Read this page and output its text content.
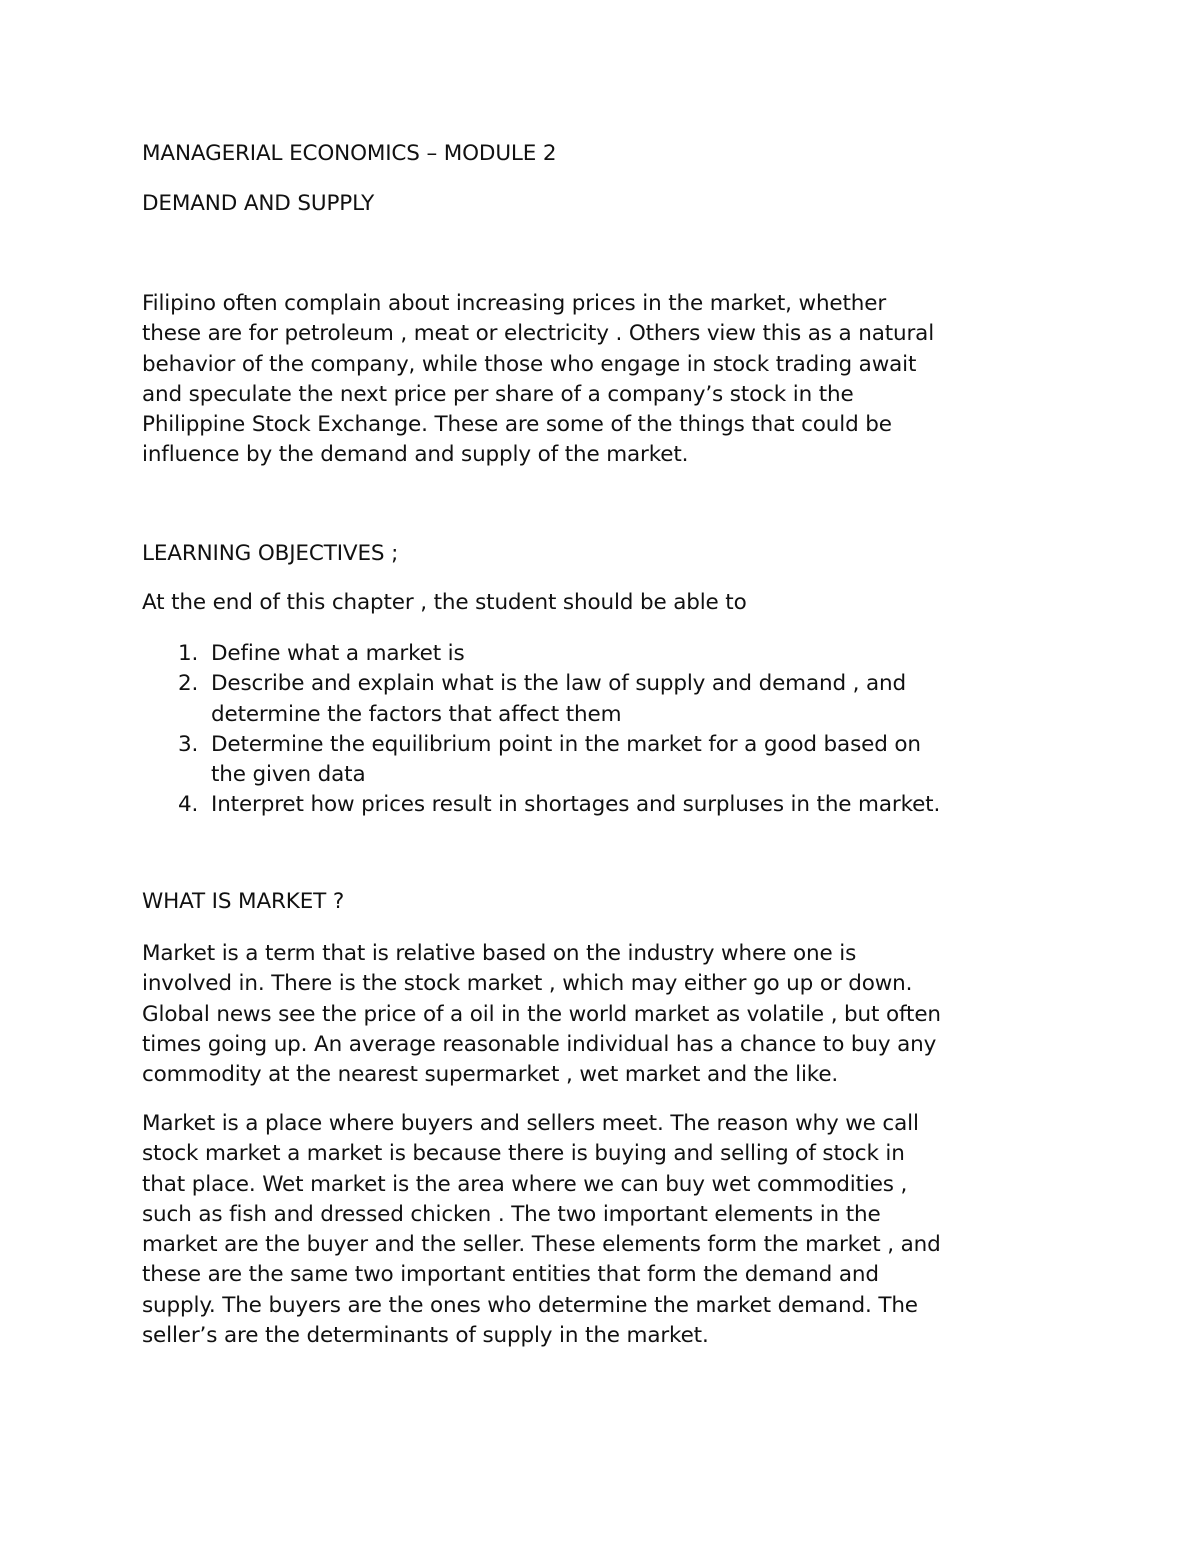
MANAGERIAL ECONOMICS – MODULE 2

DEMAND AND SUPPLY

Filipino often complain about increasing prices in the market, whether
these are for petroleum , meat or electricity . Others view this as a natural
behavior of the company, while those who engage in stock trading await
and speculate the next price per share of a company’s stock in the
Philippine Stock Exchange. These are some of the things that could be
influence by the demand and supply of the market.

LEARNING OBJECTIVES ;

At the end of this chapter , the student should be able to

1. Define what a market is
2. Describe and explain what is the law of supply and demand , and
determine the factors that affect them
3. Determine the equilibrium point in the market for a good based on
the given data
4. Interpret how prices result in shortages and surpluses in the market.

WHAT IS MARKET ?

Market is a term that is relative based on the industry where one is
involved in. There is the stock market , which may either go up or down.
Global news see the price of a oil in the world market as volatile , but often
times going up. An average reasonable individual has a chance to buy any
commodity at the nearest supermarket , wet market and the like.
Market is a place where buyers and sellers meet. The reason why we call
stock market a market is because there is buying and selling of stock in
that place. Wet market is the area where we can buy wet commodities ,
such as fish and dressed chicken . The two important elements in the
market are the buyer and the seller. These elements form the market , and
these are the same two important entities that form the demand and
supply. The buyers are the ones who determine the market demand. The
seller’s are the determinants of supply in the market.
